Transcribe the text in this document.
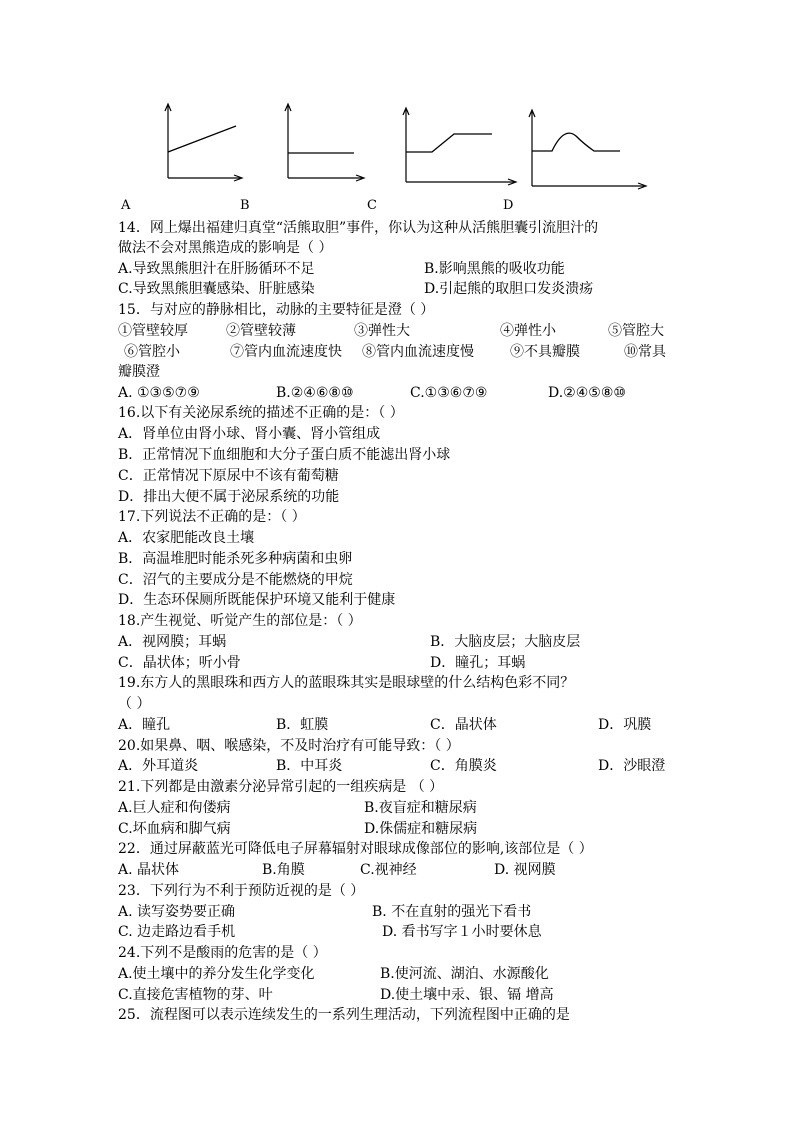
A	B	C	D
14．网上爆出福建归真堂“活熊取胆”事件，你认为这种从活熊胆囊引流胆汁的
做法不会对黑熊造成的影响是（ ）
A.导致黑熊胆汁在肝肠循环不足	B.影响黑熊的吸收功能
C.导致黑熊胆囊感染、肝脏感染	D.引起熊的取胆口发炎溃疡
15．与对应的静脉相比，动脉的主要特征是澄（ ）
①管壁较厚	②管壁较薄	③弹性大	④弹性小	⑤管腔大
⑥管腔小	⑦管内血流速度快 ⑧管内血流速度慢	⑨不具瓣膜	⑩常具
瓣膜澄
A. ①③⑤⑦⑨	B.②④⑥⑧⑩	C.①③⑥⑦⑨	D.②④⑤⑧⑩
16.以下有关泌尿系统的描述不正确的是：（ ）
A．肾单位由肾小球、肾小囊、肾小管组成
B．正常情况下血细胞和大分子蛋白质不能滤出肾小球
C．正常情况下原尿中不该有葡萄糖
D．排出大便不属于泌尿系统的功能
17.下列说法不正确的是：（ ）
A．农家肥能改良土壤
B．高温堆肥时能杀死多种病菌和虫卵
C．沼气的主要成分是不能燃烧的甲烷
D．生态环保厕所既能保护环境又能利于健康
18.产生视觉、听觉产生的部位是：（ ）
A．视网膜；耳蜗	B．大脑皮层；大脑皮层
C．晶状体；听小骨	D．瞳孔；耳蜗
19.东方人的黑眼珠和西方人的蓝眼珠其实是眼球壁的什么结构色彩不同？
（ ）
A．瞳孔	B．虹膜	C．晶状体	D．巩膜
20.如果鼻、咽、喉感染，不及时治疗有可能导致：（ ）
A．外耳道炎	B．中耳炎	C．角膜炎	D．沙眼澄
21.下列都是由激素分泌异常引起的一组疾病是 （ ）
A.巨人症和佝偻病	B.夜盲症和糖尿病
C.坏血病和脚气病	D.侏儒症和糖尿病
22．通过屏蔽蓝光可降低电子屏幕辐射对眼球成像部位的影响,该部位是（ ）
A. 晶状体	B.角膜	C.视神经	D. 视网膜
23．下列行为不利于预防近视的是（ ）
A. 读写姿势要正确	B. 不在直射的强光下看书
C. 边走路边看手机	D. 看书写字１小时要休息
24.下列不是酸雨的危害的是（ ）
A.使土壤中的养分发生化学变化	B.使河流、湖泊、水源酸化
C.直接危害植物的芽、叶	D.使土壤中汞、银、镉 增高
25．流程图可以表示连续发生的一系列生理活动，下列流程图中正确的是
